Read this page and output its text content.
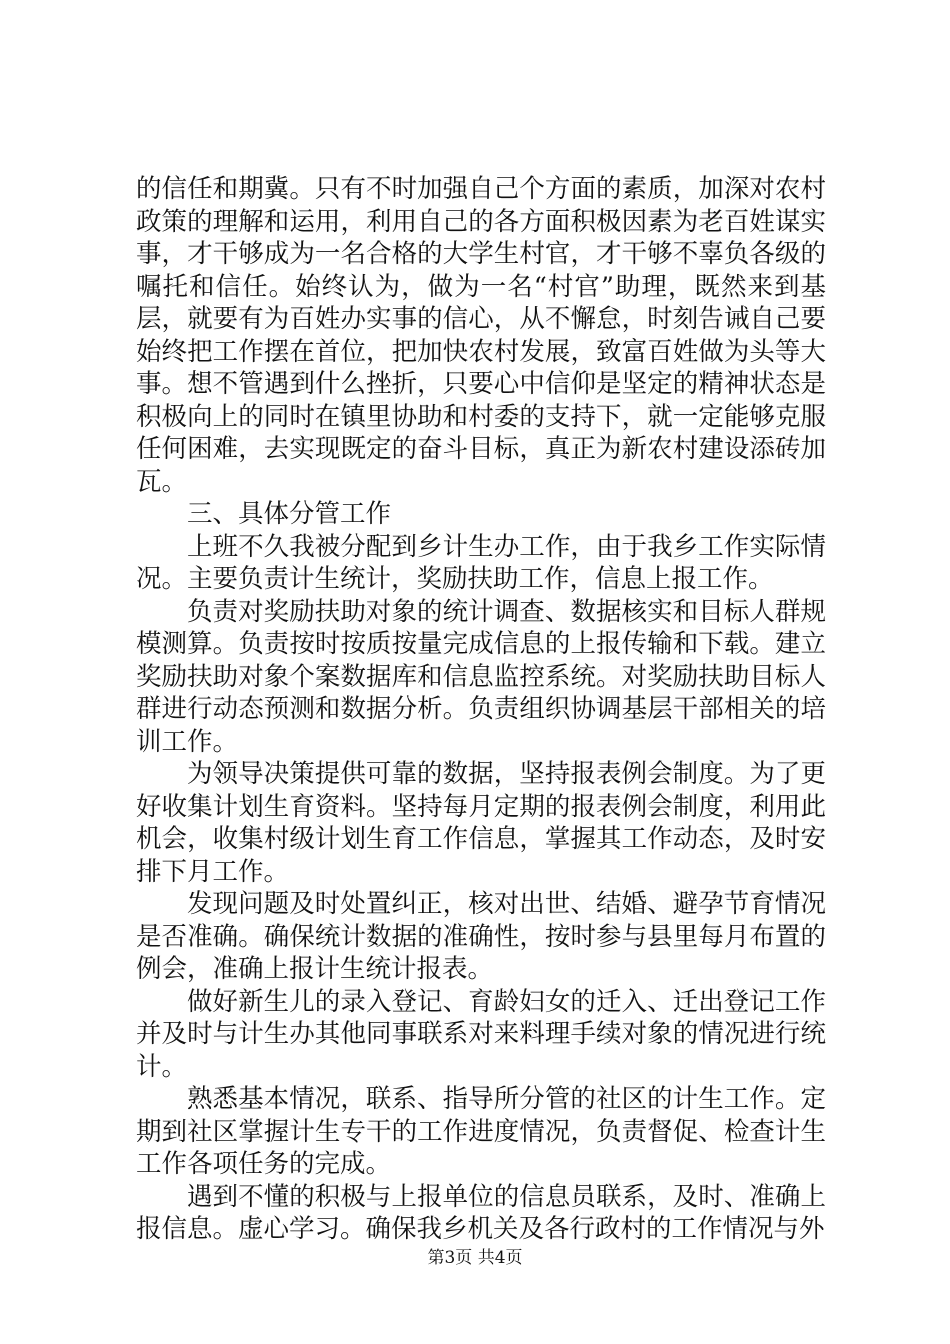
的信任和期冀。只有不时加强自己个方面的素质，加深对农村政策的理解和运用，利用自己的各方面积极因素为老百姓谋实事，才干够成为一名合格的大学生村官，才干够不辜负各级的嘱托和信任。始终认为，做为一名“村官”助理，既然来到基层，就要有为百姓办实事的信心，从不懈怠，时刻告诫自己要始终把工作摆在首位，把加快农村发展，致富百姓做为头等大事。想不管遇到什么挫折，只要心中信仰是坚定的精神状态是积极向上的同时在镇里协助和村委的支持下，就一定能够克服任何困难，去实现既定的奋斗目标，真正为新农村建设添砖加瓦。

三、具体分管工作

上班不久我被分配到乡计生办工作，由于我乡工作实际情况。主要负责计生统计，奖励扶助工作，信息上报工作。

负责对奖励扶助对象的统计调查、数据核实和目标人群规模测算。负责按时按质按量完成信息的上报传输和下载。建立奖励扶助对象个案数据库和信息监控系统。对奖励扶助目标人群进行动态预测和数据分析。负责组织协调基层干部相关的培训工作。

为领导决策提供可靠的数据，坚持报表例会制度。为了更好收集计划生育资料。坚持每月定期的报表例会制度，利用此机会，收集村级计划生育工作信息，掌握其工作动态，及时安排下月工作。

发现问题及时处置纠正，核对出世、结婚、避孕节育情况是否准确。确保统计数据的准确性，按时参与县里每月布置的例会，准确上报计生统计报表。

做好新生儿的录入登记、育龄妇女的迁入、迁出登记工作并及时与计生办其他同事联系对来料理手续对象的情况进行统计。

熟悉基本情况，联系、指导所分管的社区的计生工作。定期到社区掌握计生专干的工作进度情况，负责督促、检查计生工作各项任务的完成。

遇到不懂的积极与上报单位的信息员联系，及时、准确上报信息。虚心学习。确保我乡机关及各行政村的工作情况与外

第3页 共4页
